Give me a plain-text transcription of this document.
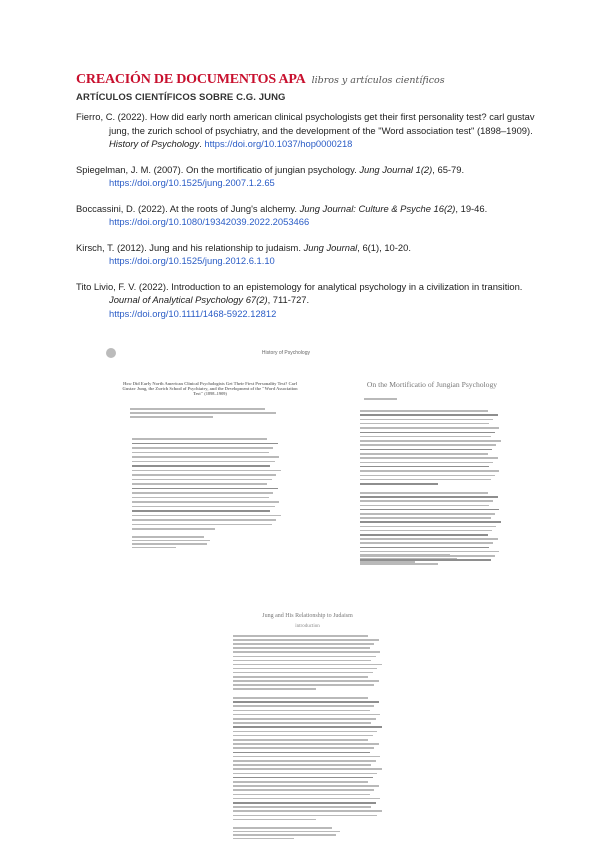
CREACIÓN DE DOCUMENTOS APA libros y artículos científicos
ARTÍCULOS CIENTÍFICOS SOBRE C.G. JUNG
Fierro, C. (2022). How did early north american clinical psychologists get their first personality test? carl gustav jung, the zurich school of psychiatry, and the development of the "Word association test" (1898–1909). History of Psychology. https://doi.org/10.1037/hop0000218
Spiegelman, J. M. (2007). On the mortificatio of jungian psychology. Jung Journal 1(2), 65-79.
https://doi.org/10.1525/jung.2007.1.2.65
Boccassini, D. (2022). At the roots of Jung's alchemy. Jung Journal: Culture & Psyche 16(2), 19-46.
https://doi.org/10.1080/19342039.2022.2053466
Kirsch, T. (2012). Jung and his relationship to judaism. Jung Journal, 6(1), 10-20.
https://doi.org/10.1525/jung.2012.6.1.10
Tito Livio, F. V. (2022). Introduction to an epistemology for analytical psychology in a civilization in transition. Journal of Analytical Psychology 67(2), 711-727.
https://doi.org/10.1111/1468-5922.12812
History of Psychology
How Did Early North American Clinical Psychologists Get Their First Personality Test? Carl Gustav Jung, the Zurich School of Psychiatry, and the Development of the "Word Association Test" (1898–1909)
On the Mortificatio of Jungian Psychology
Jung and His Relationship to Judaism
introduction
